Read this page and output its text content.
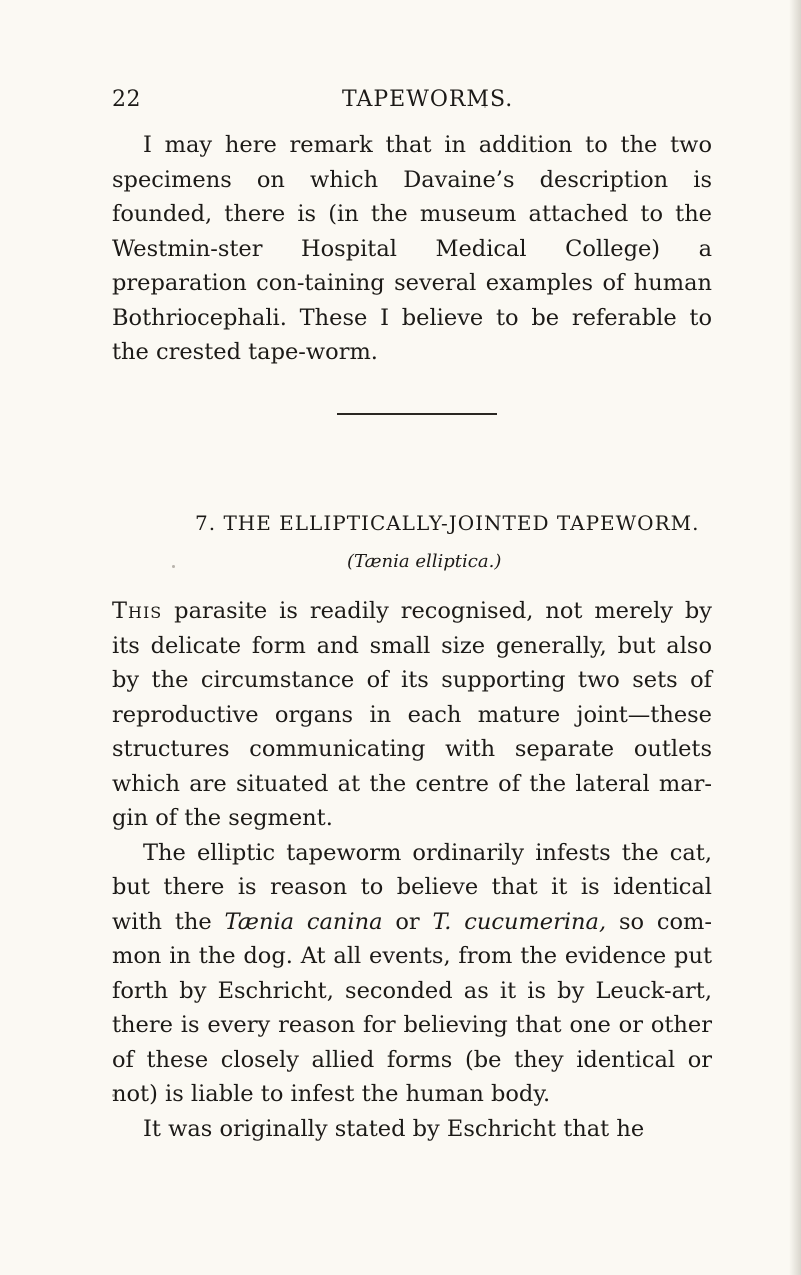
22	TAPEWORMS.

I may here remark that in addition to the two specimens on which Davaine’s description is founded, there is (in the museum attached to the Westmin-ster Hospital Medical College) a preparation con-taining several examples of human Bothriocephali. These I believe to be referable to the crested tape-worm.

7. THE ELLIPTICALLY-JOINTED TAPEWORM.
(Tænia elliptica.)

This parasite is readily recognised, not merely by its delicate form and small size generally, but also by the circumstance of its supporting two sets of reproductive organs in each mature joint—these structures communicating with separate outlets which are situated at the centre of the lateral mar-gin of the segment.

The elliptic tapeworm ordinarily infests the cat, but there is reason to believe that it is identical with the Tænia canina or T. cucumerina, so com-mon in the dog. At all events, from the evidence put forth by Eschricht, seconded as it is by Leuck-art, there is every reason for believing that one or other of these closely allied forms (be they identical or not) is liable to infest the human body.

It was originally stated by Eschricht that he
